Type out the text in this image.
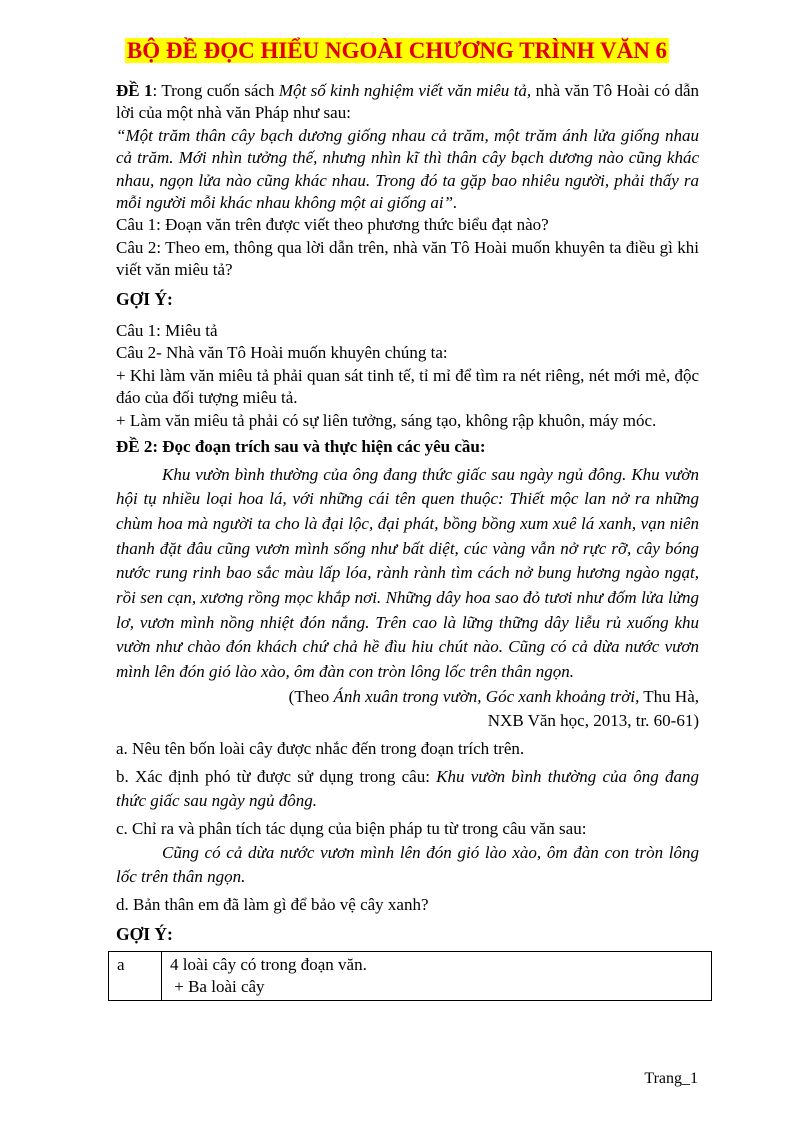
BỘ ĐỀ ĐỌC HIỂU NGOÀI CHƯƠNG TRÌNH VĂN 6

ĐỀ 1: Trong cuốn sách Một số kinh nghiệm viết văn miêu tả, nhà văn Tô Hoài có dẫn lời của một nhà văn Pháp như sau:

“Một trăm thân cây bạch dương giống nhau cả trăm, một trăm ánh lửa giống nhau cả trăm. Mới nhìn tưởng thế, nhưng nhìn kĩ thì thân cây bạch dương nào cũng khác nhau, ngọn lửa nào cũng khác nhau. Trong đó ta gặp bao nhiêu người, phải thấy ra mỗi người mỗi khác nhau không một ai giống ai”.

Câu 1: Đoạn văn trên được viết theo phương thức biểu đạt nào?

Câu 2: Theo em, thông qua lời dẫn trên, nhà văn Tô Hoài muốn khuyên ta điều gì khi viết văn miêu tả?

GỢI Ý:

Câu 1: Miêu tả

Câu 2- Nhà văn Tô Hoài muốn khuyên chúng ta:

+ Khi làm văn miêu tả phải quan sát tinh tế, tỉ mỉ để tìm ra nét riêng, nét mới mẻ, độc đáo của đối tượng miêu tả.

+ Làm văn miêu tả phải có sự liên tưởng, sáng tạo, không rập khuôn, máy móc.

ĐỀ 2: Đọc đoạn trích sau và thực hiện các yêu cầu:

Khu vườn bình thường của ông đang thức giấc sau ngày ngủ đông. Khu vườn hội tụ nhiều loại hoa lá, với những cái tên quen thuộc: Thiết mộc lan nở ra những chùm hoa mà người ta cho là đại lộc, đại phát, bồng bồng xum xuê lá xanh, vạn niên thanh đặt đâu cũng vươn mình sống như bất diệt, cúc vàng vẫn nở rực rỡ, cây bóng nước rung rinh bao sắc màu lấp lóa, rành rành tìm cách nở bung hương ngào ngạt, rồi sen cạn, xương rồng mọc khắp nơi. Những dây hoa sao đỏ tươi như đốm lửa lửng lơ, vươn mình nồng nhiệt đón nắng. Trên cao là lững thững dây liễu rủ xuống khu vườn như chào đón khách chứ chả hề đìu hiu chút nào. Cũng có cả dừa nước vươn mình lên đón gió lào xào, ôm đàn con tròn lông lốc trên thân ngọn.

(Theo Ánh xuân trong vườn, Góc xanh khoảng trời, Thu Hà,

NXB Văn học, 2013, tr. 60-61)

a. Nêu tên bốn loài cây được nhắc đến trong đoạn trích trên.

b. Xác định phó từ được sử dụng trong câu: Khu vườn bình thường của ông đang thức giấc sau ngày ngủ đông.

c. Chỉ ra và phân tích tác dụng của biện pháp tu từ trong câu văn sau:

Cũng có cả dừa nước vươn mình lên đón gió lào xào, ôm đàn con tròn lông lốc trên thân ngọn.

d. Bản thân em đã làm gì để bảo vệ cây xanh?

GỢI Ý:

a	4 loài cây có trong đoạn văn.
+ Ba loài cây
Trang_1
